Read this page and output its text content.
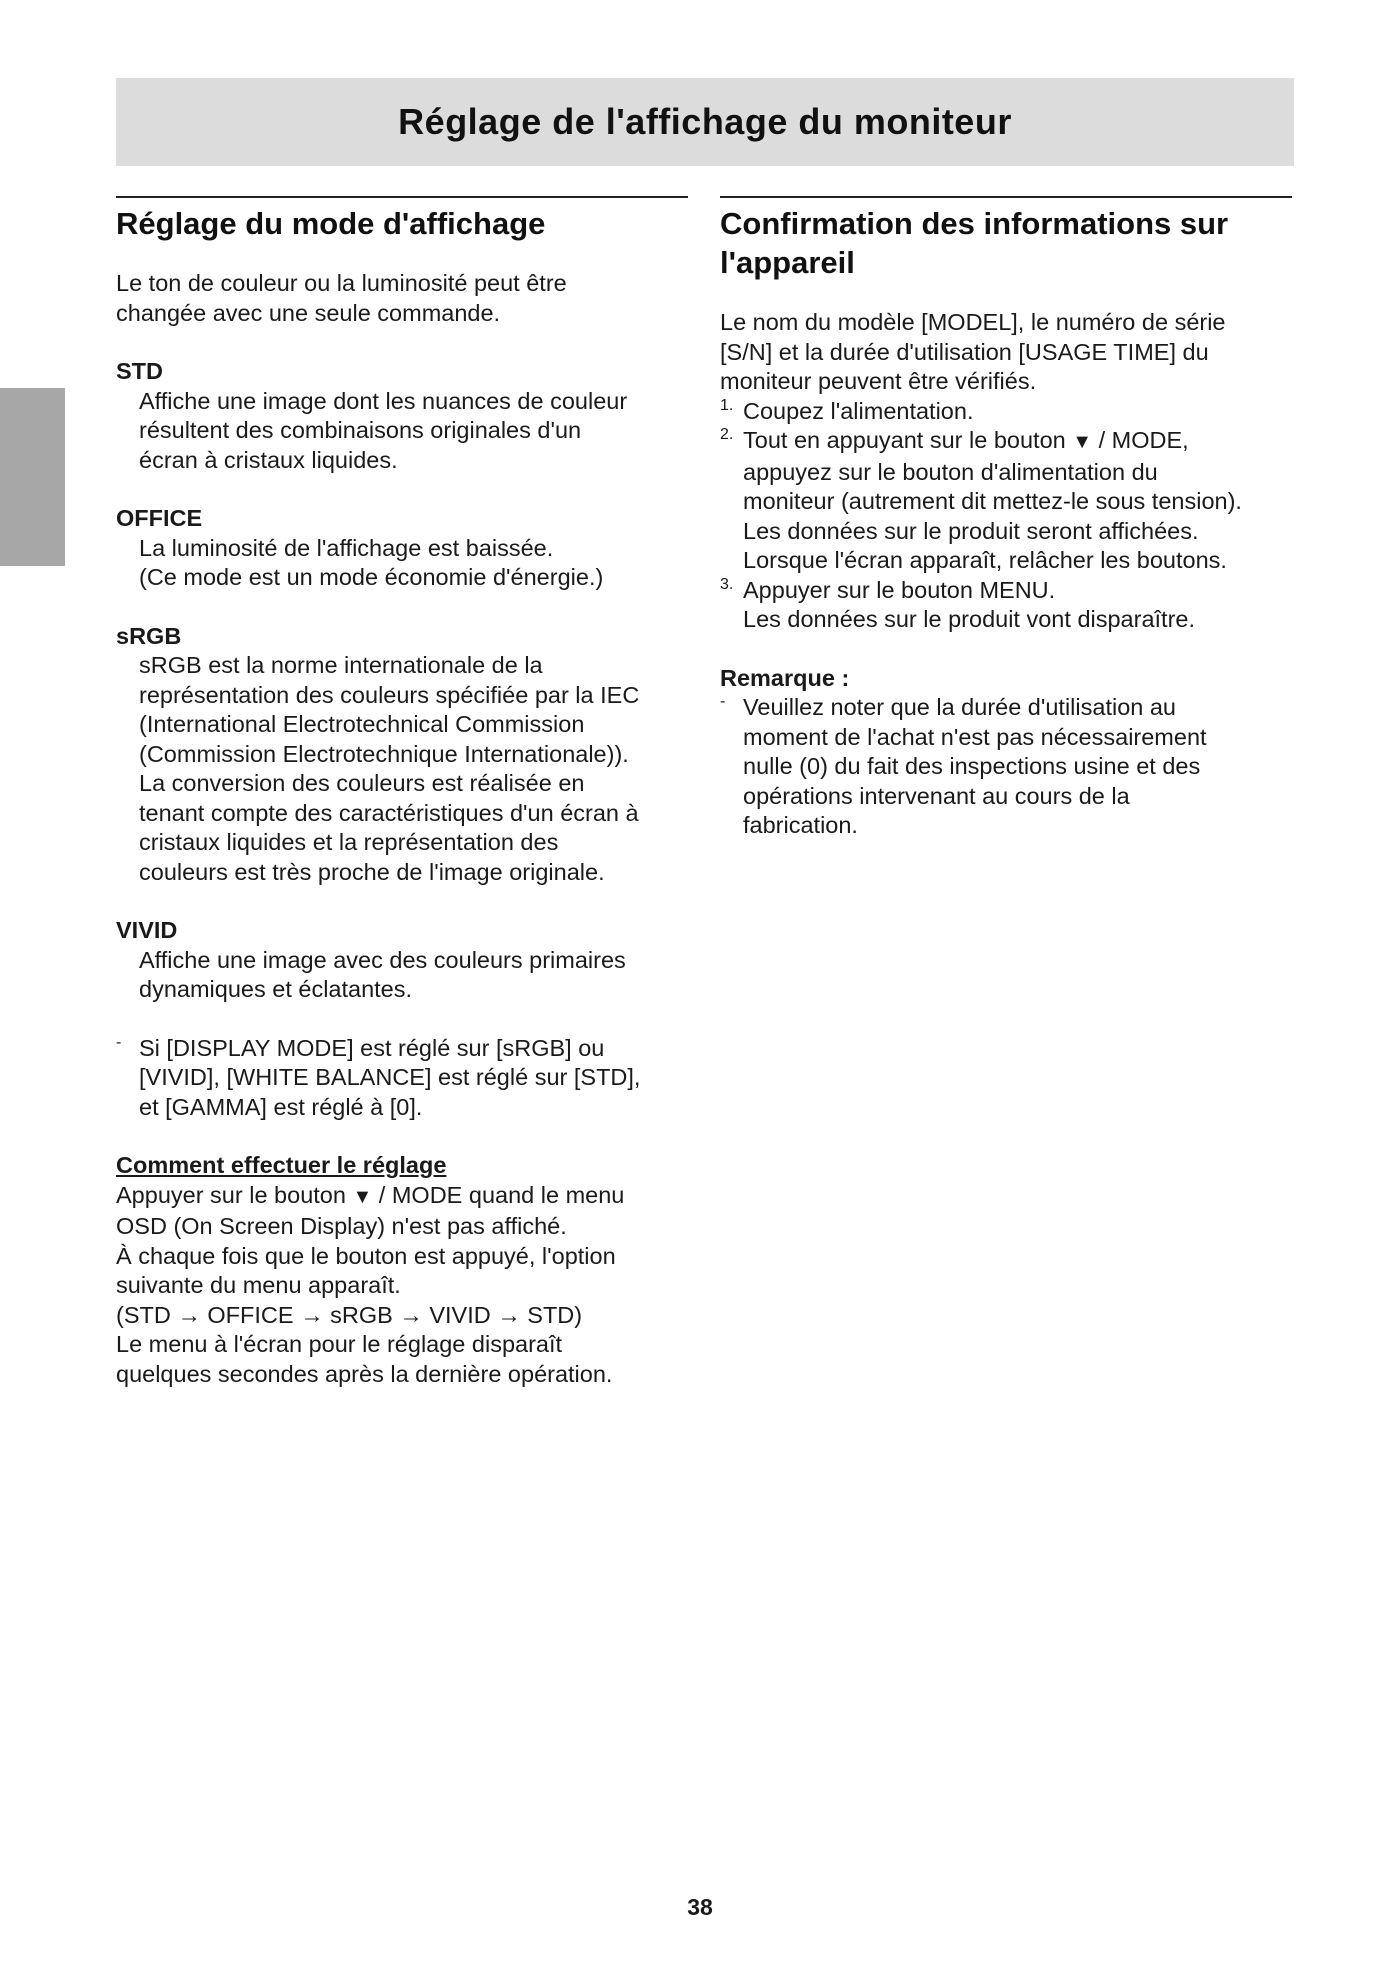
Réglage de l'affichage du moniteur
Réglage du mode d'affichage

Le ton de couleur ou la luminosité peut être

changée avec une seule commande.

STD

Affiche une image dont les nuances de couleur

résultent des combinaisons originales d'un

écran à cristaux liquides.

OFFICE

La luminosité de l'affichage est baissée.

(Ce mode est un mode économie d'énergie.)

sRGB

sRGB est la norme internationale de la

représentation des couleurs spécifiée par la IEC

(International Electrotechnical Commission

(Commission Electrotechnique Internationale)).

La conversion des couleurs est réalisée en

tenant compte des caractéristiques d'un écran à

cristaux liquides et la représentation des

couleurs est très proche de l'image originale.

VIVID

Affiche une image avec des couleurs primaires

dynamiques et éclatantes.

- Si [DISPLAY MODE] est réglé sur [sRGB] ou

[VIVID], [WHITE BALANCE] est réglé sur [STD],

et [GAMMA] est réglé à [0].

Comment effectuer le réglage

Appuyer sur le bouton ▼ / MODE quand le menu

OSD (On Screen Display) n'est pas affiché.

À chaque fois que le bouton est appuyé, l'option

suivante du menu apparaît.

(STD → OFFICE → sRGB → VIVID → STD)

Le menu à l'écran pour le réglage disparaît

quelques secondes après la dernière opération.

Confirmation des informations sur
l'appareil

Le nom du modèle [MODEL], le numéro de série

[S/N] et la durée d'utilisation [USAGE TIME] du

moniteur peuvent être vérifiés.

1. Coupez l'alimentation.

2. Tout en appuyant sur le bouton ▼ / MODE,

appuyez sur le bouton d'alimentation du

moniteur (autrement dit mettez-le sous tension).

Les données sur le produit seront affichées.

Lorsque l'écran apparaît, relâcher les boutons.

3. Appuyer sur le bouton MENU.

Les données sur le produit vont disparaître.

Remarque :

- Veuillez noter que la durée d'utilisation au

moment de l'achat n'est pas nécessairement

nulle (0) du fait des inspections usine et des

opérations intervenant au cours de la

fabrication.

38
